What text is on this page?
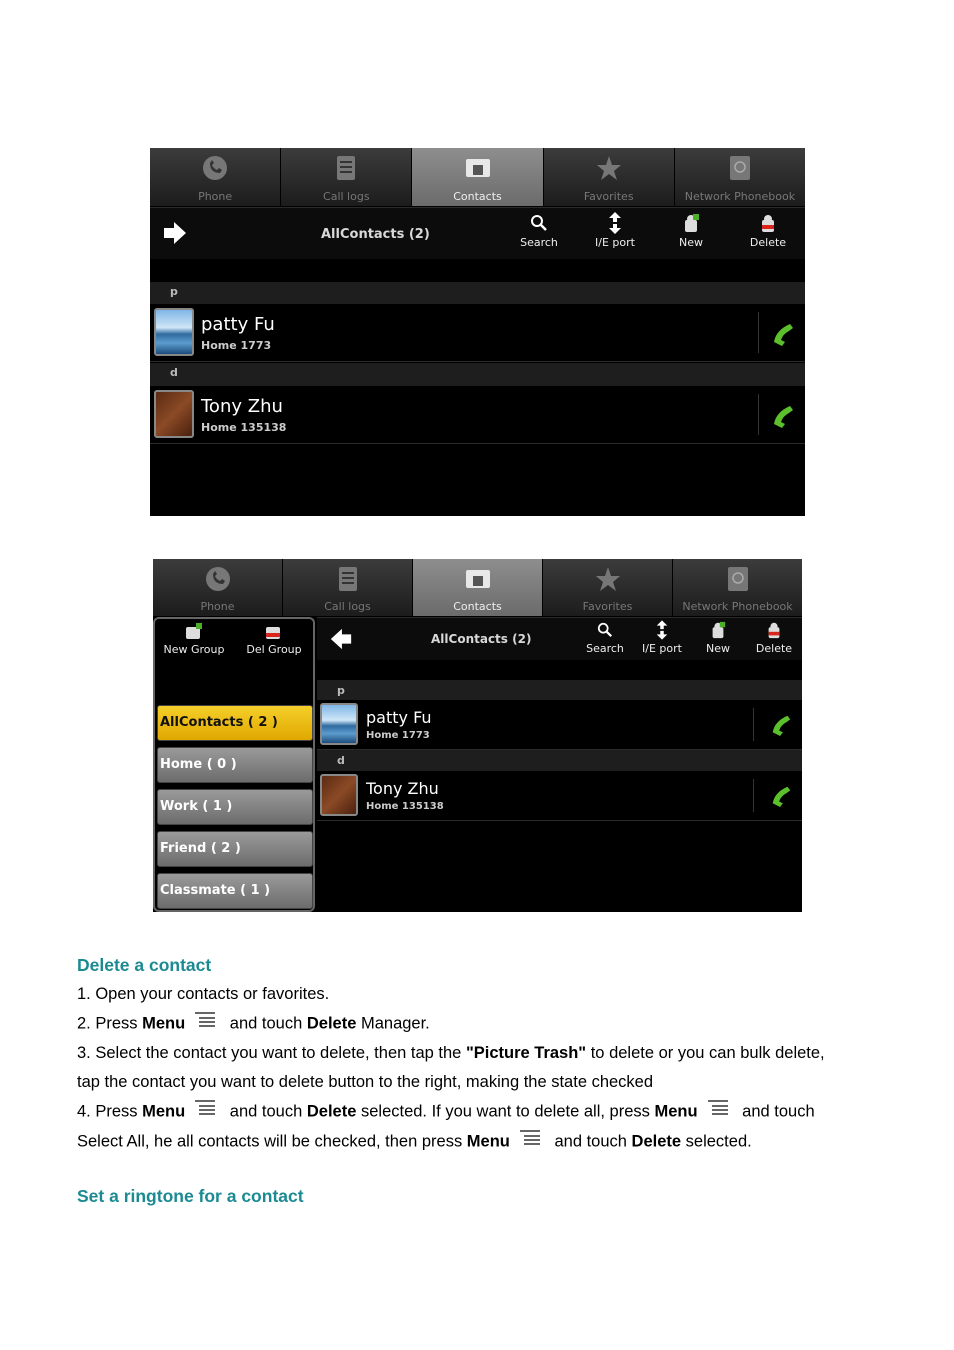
Phone	Call logs	Contacts	Favorites	Network Phonebook
AllContacts (2)
Search	I/E port	New	Delete
p
patty Fu
Home 1773
d
Tony Zhu
Home 135138
Phone	Call logs	Contacts	Favorites	Network Phonebook
New Group	Del Group
AllContacts ( 2 )
Home ( 0 )
Work ( 1 )
Friend ( 2 )
Classmate ( 1 )
AllContacts (2)
Search	I/E port	New	Delete
p
patty Fu
Home 1773
d
Tony Zhu
Home 135138
Delete a contact
1. Open your contacts or favorites.
2. Press Menu and touch Delete Manager.
3. Select the contact you want to delete, then tap the "Picture Trash" to delete or you can bulk delete,
tap the contact you want to delete button to the right, making the state checked
4. Press Menu and touch Delete selected. If you want to delete all, press Menu and touch
Select All, he all contacts will be checked, then press Menu and touch Delete selected.
Set a ringtone for a contact
